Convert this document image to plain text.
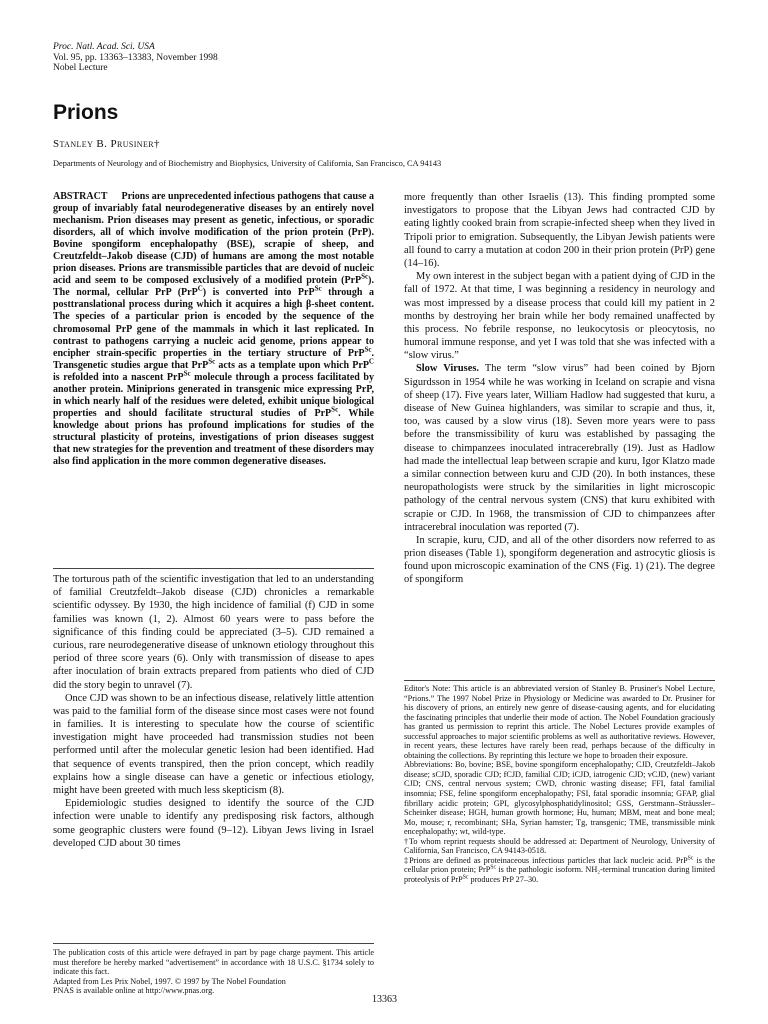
Proc. Natl. Acad. Sci. USA
Vol. 95, pp. 13363–13383, November 1998
Nobel Lecture
Prions
Stanley B. Prusiner†
Departments of Neurology and of Biochemistry and Biophysics, University of California, San Francisco, CA 94143
ABSTRACT Prions are unprecedented infectious pathogens that cause a group of invariably fatal neurodegenerative diseases by an entirely novel mechanism. Prion diseases may present as genetic, infectious, or sporadic disorders, all of which involve modification of the prion protein (PrP). Bovine spongiform encephalopathy (BSE), scrapie of sheep, and Creutzfeldt–Jakob disease (CJD) of humans are among the most notable prion diseases. Prions are transmissible particles that are devoid of nucleic acid and seem to be composed exclusively of a modified protein (PrP$^{Sc}$). The normal, cellular PrP (PrP$^C$) is converted into PrP$^{Sc}$ through a posttranslational process during which it acquires a high β-sheet content. The species of a particular prion is encoded by the sequence of the chromosomal PrP gene of the mammals in which it last replicated. In contrast to pathogens carrying a nucleic acid genome, prions appear to encipher strain-specific properties in the tertiary structure of PrP$^{Sc}$. Transgenetic studies argue that PrP$^{Sc}$ acts as a template upon which PrP$^C$ is refolded into a nascent PrP$^{Sc}$ molecule through a process facilitated by another protein. Miniprions generated in transgenic mice expressing PrP, in which nearly half of the residues were deleted, exhibit unique biological properties and should facilitate structural studies of PrP$^{Sc}$. While knowledge about prions has profound implications for studies of the structural plasticity of proteins, investigations of prion diseases suggest that new strategies for the prevention and treatment of these disorders may also find application in the more common degenerative diseases.

The torturous path of the scientific investigation that led to an understanding of familial Creutzfeldt–Jakob disease (CJD) chronicles a remarkable scientific odyssey. By 1930, the high incidence of familial (f) CJD in some families was known (1, 2). Almost 60 years were to pass before the significance of this finding could be appreciated (3–5). CJD remained a curious, rare neurodegenerative disease of unknown etiology throughout this period of three score years (6). Only with transmission of disease to apes after inoculation of brain extracts prepared from patients who died of CJD did the story begin to unravel (7).

Once CJD was shown to be an infectious disease, relatively little attention was paid to the familial form of the disease since most cases were not found in families. It is interesting to speculate how the course of scientific investigation might have proceeded had transmission studies not been performed until after the molecular genetic lesion had been identified. Had that sequence of events transpired, then the prion concept, which readily explains how a single disease can have a genetic or infectious etiology, might have been greeted with much less skepticism (8).

Epidemiologic studies designed to identify the source of the CJD infection were unable to identify any predisposing risk factors, although some geographic clusters were found (9–12). Libyan Jews living in Israel developed CJD about 30 times

more frequently than other Israelis (13). This finding prompted some investigators to propose that the Libyan Jews had contracted CJD by eating lightly cooked brain from scrapie-infected sheep when they lived in Tripoli prior to emigration. Subsequently, the Libyan Jewish patients were all found to carry a mutation at codon 200 in their prion protein (PrP) gene (14–16).

My own interest in the subject began with a patient dying of CJD in the fall of 1972. At that time, I was beginning a residency in neurology and was most impressed by a disease process that could kill my patient in 2 months by destroying her brain while her body remained unaffected by this process. No febrile response, no leukocytosis or pleocytosis, no humoral immune response, and yet I was told that she was infected with a “slow virus.”

Slow Viruses. The term “slow virus” had been coined by Bjorn Sigurdsson in 1954 while he was working in Iceland on scrapie and visna of sheep (17). Five years later, William Hadlow had suggested that kuru, a disease of New Guinea highlanders, was similar to scrapie and thus, it, too, was caused by a slow virus (18). Seven more years were to pass before the transmissibility of kuru was established by passaging the disease to chimpanzees inoculated intracerebrally (19). Just as Hadlow had made the intellectual leap between scrapie and kuru, Igor Klatzo made a similar connection between kuru and CJD (20). In both instances, these neuropathologists were struck by the similarities in light microscopic pathology of the central nervous system (CNS) that kuru exhibited with scrapie or CJD. In 1968, the transmission of CJD to chimpanzees after intracerebral inoculation was reported (7).

In scrapie, kuru, CJD, and all of the other disorders now referred to as prion diseases (Table 1), spongiform degeneration and astrocytic gliosis is found upon microscopic examination of the CNS (Fig. 1) (21). The degree of spongiform

Editor's Note: This article is an abbreviated version of Stanley B. Prusiner's Nobel Lecture, “Prions.” The 1997 Nobel Prize in Physiology or Medicine was awarded to Dr. Prusiner for his discovery of prions, an entirely new genre of disease-causing agents, and for elucidating the fascinating principles that underlie their mode of action. The Nobel Foundation graciously has granted us permission to reprint this article. The Nobel Lectures provide examples of successful approaches to major scientific problems as well as authoritative reviews. However, in recent years, these lectures have rarely been read, perhaps because of the difficulty in obtaining the collections. By reprinting this lecture we hope to broaden their exposure.

Abbreviations: Bo, bovine; BSE, bovine spongiform encephalopathy; CJD, Creutzfeldt–Jakob disease; sCJD, sporadic CJD; fCJD, familial CJD; iCJD, iatrogenic CJD; vCJD, (new) variant CJD; CNS, central nervous system; CWD, chronic wasting disease; FFI, fatal familial insomnia; FSE, feline spongiform encephalopathy; FSI, fatal sporadic insomnia; GFAP, glial fibrillary acidic protein; GPI, glycosylphosphatidylinositol; GSS, Gerstmann–Sträussler–Scheinker disease; HGH, human growth hormone; Hu, human; MBM, meat and bone meal; Mo, mouse; r, recombinant; SHa, Syrian hamster; Tg, transgenic; TME, transmissible mink encephalopathy; wt, wild-type.

†To whom reprint requests should be addressed at: Department of Neurology, University of California, San Francisco, CA 94143-0518.

‡Prions are defined as proteinaceous infectious particles that lack nucleic acid. PrP$^{Sc}$ is the cellular prion protein; PrP$^{Sc}$ is the pathologic isoform. NH₂-terminal truncation during limited proteolysis of PrP$^{Sc}$ produces PrP 27–30.

The publication costs of this article were defrayed in part by page charge payment. This article must therefore be hereby marked “advertisement” in accordance with 18 U.S.C. §1734 solely to indicate this fact.

Adapted from Les Prix Nobel, 1997. © 1997 by The Nobel Foundation

PNAS is available online at http://www.pnas.org.

13363
